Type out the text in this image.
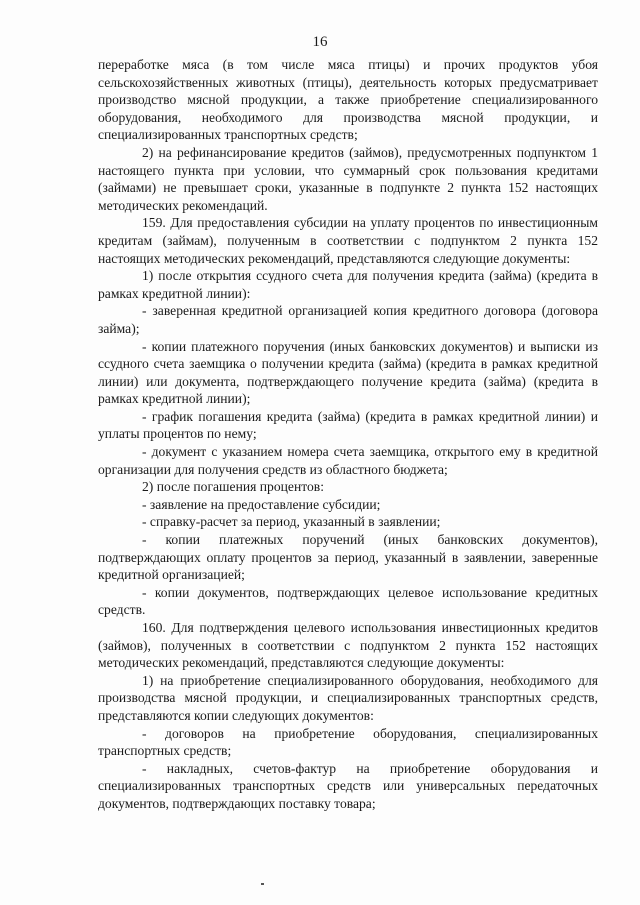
16

переработке мяса (в том числе мяса птицы) и прочих продуктов убоя сельскохозяйственных животных (птицы), деятельность которых предусматривает производство мясной продукции, а также приобретение специализированного оборудования, необходимого для производства мясной продукции, и специализированных транспортных средств;

2) на рефинансирование кредитов (займов), предусмотренных подпунктом 1 настоящего пункта при условии, что суммарный срок пользования кредитами (займами) не превышает сроки, указанные в подпункте 2 пункта 152 настоящих методических рекомендаций.

159. Для предоставления субсидии на уплату процентов по инвестиционным кредитам (займам), полученным в соответствии с подпунктом 2 пункта 152 настоящих методических рекомендаций, представляются следующие документы:

1) после открытия ссудного счета для получения кредита (займа) (кредита в рамках кредитной линии):

- заверенная кредитной организацией копия кредитного договора (договора займа);

- копии платежного поручения (иных банковских документов) и выписки из ссудного счета заемщика о получении кредита (займа) (кредита в рамках кредитной линии) или документа, подтверждающего получение кредита (займа) (кредита в рамках кредитной линии);

- график погашения кредита (займа) (кредита в рамках кредитной линии) и уплаты процентов по нему;

- документ с указанием номера счета заемщика, открытого ему в кредитной организации для получения средств из областного бюджета;

2) после погашения процентов:

- заявление на предоставление субсидии;

- справку-расчет за период, указанный в заявлении;

- копии платежных поручений (иных банковских документов), подтверждающих оплату процентов за период, указанный в заявлении, заверенные кредитной организацией;

- копии документов, подтверждающих целевое использование кредитных средств.

160. Для подтверждения целевого использования инвестиционных кредитов (займов), полученных в соответствии с подпунктом 2 пункта 152 настоящих методических рекомендаций, представляются следующие документы:

1) на приобретение специализированного оборудования, необходимого для производства мясной продукции, и специализированных транспортных средств, представляются копии следующих документов:

- договоров на приобретение оборудования, специализированных транспортных средств;

- накладных, счетов-фактур на приобретение оборудования и специализированных транспортных средств или универсальных передаточных документов, подтверждающих поставку товара;
